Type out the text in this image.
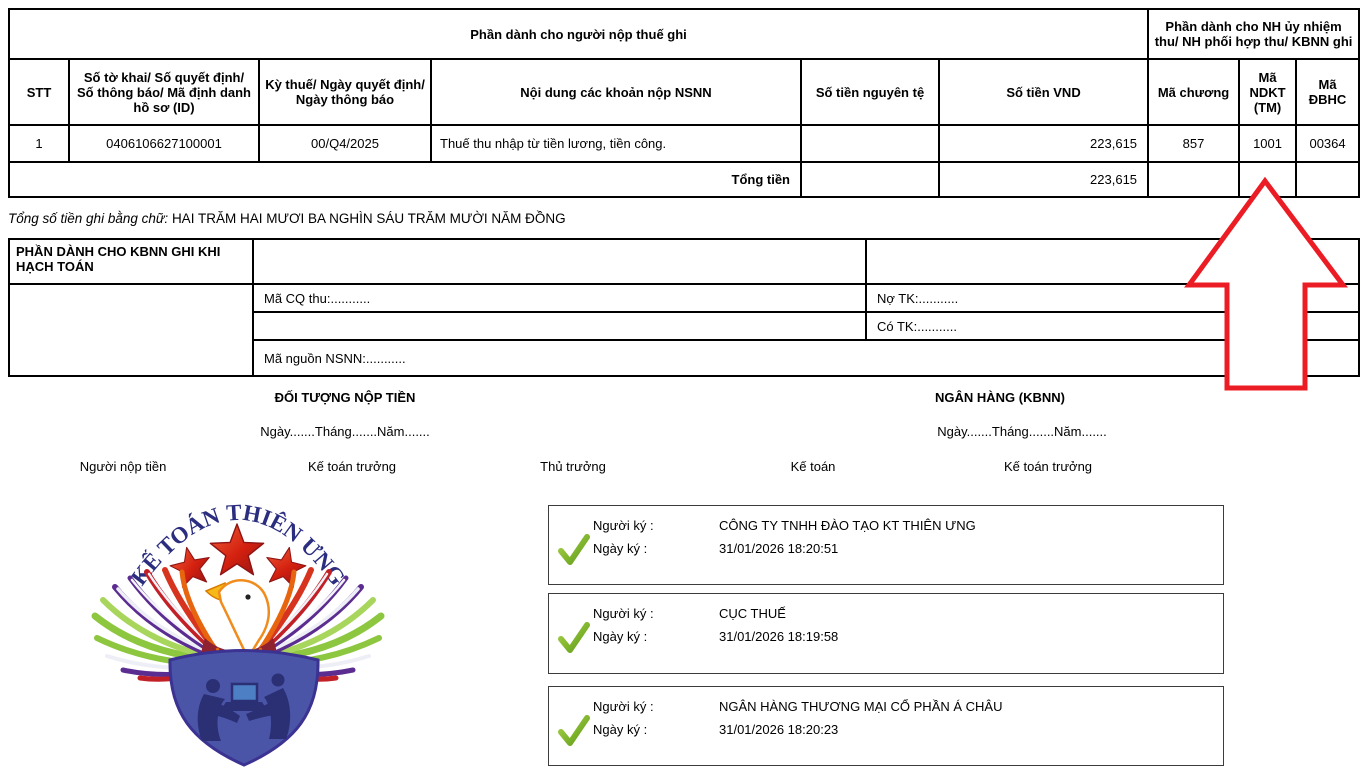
Phần dành cho người nộp thuế ghi						Phần dành cho NH ủy nhiệm thu/ NH phối hợp thu/ KBNN ghi		
STT	Số tờ khai/ Số quyết định/ Số thông báo/ Mã định danh hồ sơ (ID)	Kỳ thuế/ Ngày quyết định/ Ngày thông báo	Nội dung các khoản nộp NSNN	Số tiền nguyên tệ	Số tiền VND	Mã chương	Mã NDKT (TM)	Mã ĐBHC
1	0406106627100001	00/Q4/2025	Thuế thu nhập từ tiền lương, tiền công.		223,615	857	1001	00364
Tổng tiền					223,615			
Tổng số tiền ghi bằng chữ: HAI TRĂM HAI MƯƠI BA NGHÌN SÁU TRĂM MƯỜI NĂM ĐỒNG
PHẦN DÀNH CHO KBNN GHI KHI HẠCH TOÁN		
	Mã CQ thu:...........	Nợ TK:...........
		Có TK:...........
	Mã nguồn NSNN:...........	
ĐỐI TƯỢNG NỘP TIỀN
Ngày.......Tháng.......Năm.......
Người nộp tiền	Kế toán trưởng	Thủ trưởng
NGÂN HÀNG (KBNN)
Ngày.......Tháng.......Năm.......
Kế toán	Kế toán trưởng
Người ký :	CÔNG TY TNHH ĐÀO TẠO KT THIÊN ƯNG
Ngày ký :	31/01/2026 18:20:51
Người ký :	CỤC THUẾ
Ngày ký :	31/01/2026 18:19:58
Người ký :	NGÂN HÀNG THƯƠNG MẠI CỔ PHẦN Á CHÂU
Ngày ký :	31/01/2026 18:20:23
KẾ TOÁN THIÊN ƯNG
